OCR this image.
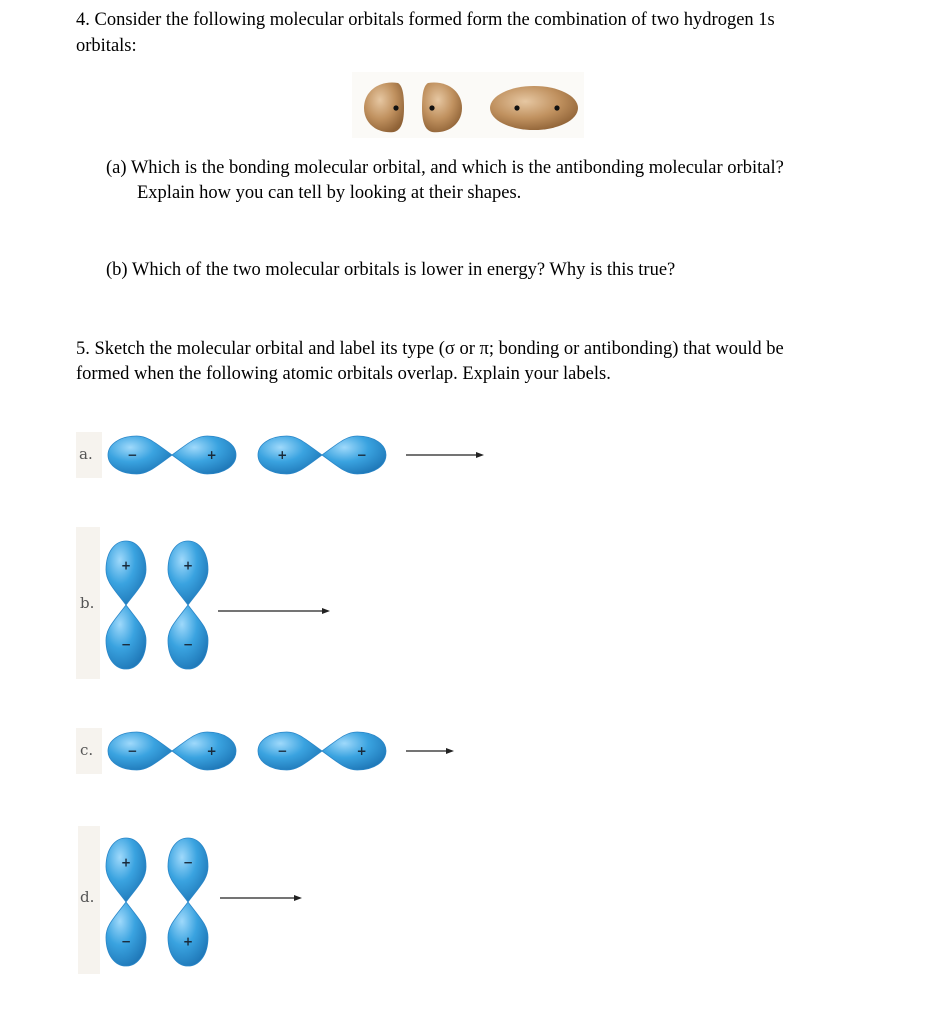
4. Consider the following molecular orbitals formed form the combination of two hydrogen 1s
orbitals:
(a) Which is the bonding molecular orbital, and which is the antibonding molecular orbital?
Explain how you can tell by looking at their shapes.
(b) Which of the two molecular orbitals is lower in energy? Why is this true?
5. Sketch the molecular orbital and label its type (σ or π; bonding or antibonding) that would be
formed when the following atomic orbitals overlap. Explain your labels.
a.	−	+	+	−
b.
+
−
+
−
c.	−	+	−	+
d.
+
−
−
+
